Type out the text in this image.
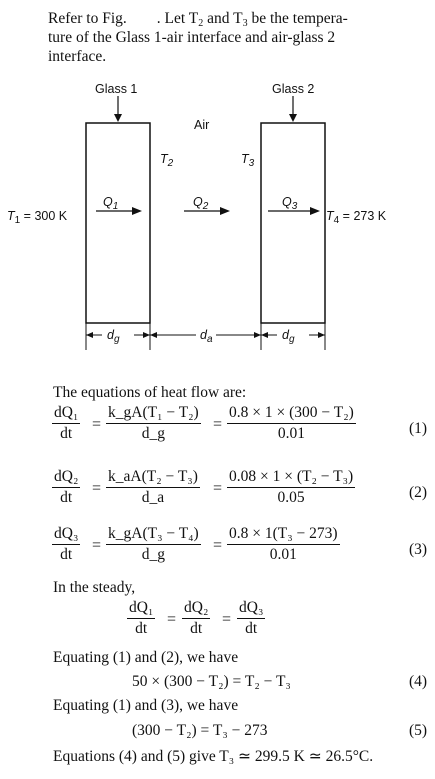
Refer to Fig. . Let $T_2$ and $T_3$ be the tempera-
ture of the Glass 1-air interface and air-glass 2
interface.
Glass 1	Glass 2
Air
$T_2$	$T_3$
$T_1 = 300$ K	$T_4 = 273$ K
$Q_1$	$Q_2$	$Q_3$
$d_g$	$d_a$	$d_g$
The equations of heat flow are:
$\frac{\text{dQ₁}}{dt} = \frac{\text{k\_gA(T₁ − T₂)}}{d\_g} = \frac{\text{0.8 × 1 × (300 − T₂)}}{0.01}$	(1)
$\frac{\text{dQ₂}}{dt} = \frac{\text{k\_aA(T₂ − T₃)}}{d\_a} = \frac{\text{0.08 × 1 × (T₂ − T₃)}}{0.05}$	(2)
$\frac{\text{dQ₃}}{dt} = \frac{\text{k\_gA(T₃ − T₄)}}{d\_g} = \frac{\text{0.8 × 1(T₃ − 273)}}{0.01}$	(3)
In the steady,
$\frac{\text{dQ₁}}{dt} = \frac{\text{dQ₂}}{dt} = \frac{\text{dQ₃}}{dt}$
Equating (1) and (2), we have
50 × (300 − T₂) = T₂ − T₃	(4)
Equating (1) and (3), we have
(300 − T₂) = T₃ − 273	(5)
Equations (4) and (5) give T₃ ≃ 299.5 K ≃ 26.5°C.
